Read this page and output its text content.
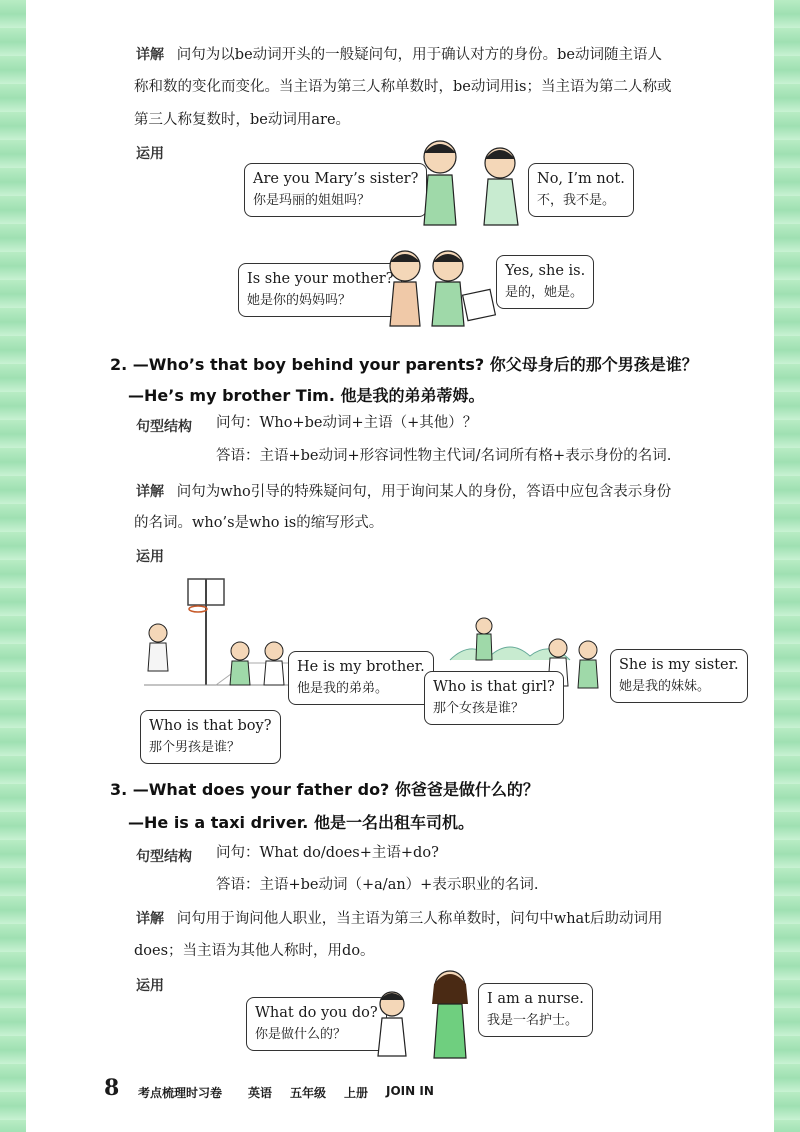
详解 问句为以be动词开头的一般疑问句，用于确认对方的身份。be动词随主语人
称和数的变化而变化。当主语为第三人称单数时，be动词用is；当主语为第二人称或
第三人称复数时，be动词用are。
运用
Are you Mary’s sister?
你是玛丽的姐姐吗？
No, I’m not.
不，我不是。
Is she your mother?
她是你的妈妈吗？
Yes, she is.
是的，她是。
2. —Who’s that boy behind your parents? 你父母身后的那个男孩是谁？
—He’s my brother Tim. 他是我的弟弟蒂姆。
句型结构 问句：Who+be动词+主语（+其他）？
答语：主语+be动词+形容词性物主代词/名词所有格+表示身份的名词.
详解 问句为who引导的特殊疑问句，用于询问某人的身份，答语中应包含表示身份
的名词。who’s是who is的缩写形式。
运用
He is my brother.
他是我的弟弟。
Who is that boy?
那个男孩是谁？
Who is that girl?
那个女孩是谁？
She is my sister.
她是我的妹妹。
3. —What does your father do? 你爸爸是做什么的？
—He is a taxi driver. 他是一名出租车司机。
句型结构 问句：What do/does+主语+do?
答语：主语+be动词（+a/an）+表示职业的名词.
详解 问句用于询问他人职业，当主语为第三人称单数时，问句中what后助动词用
does；当主语为其他人称时，用do。
运用
What do you do?
你是做什么的？
I am a nurse.
我是一名护士。
8 考点梳理时习卷 英语 五年级 上册 JOIN IN
